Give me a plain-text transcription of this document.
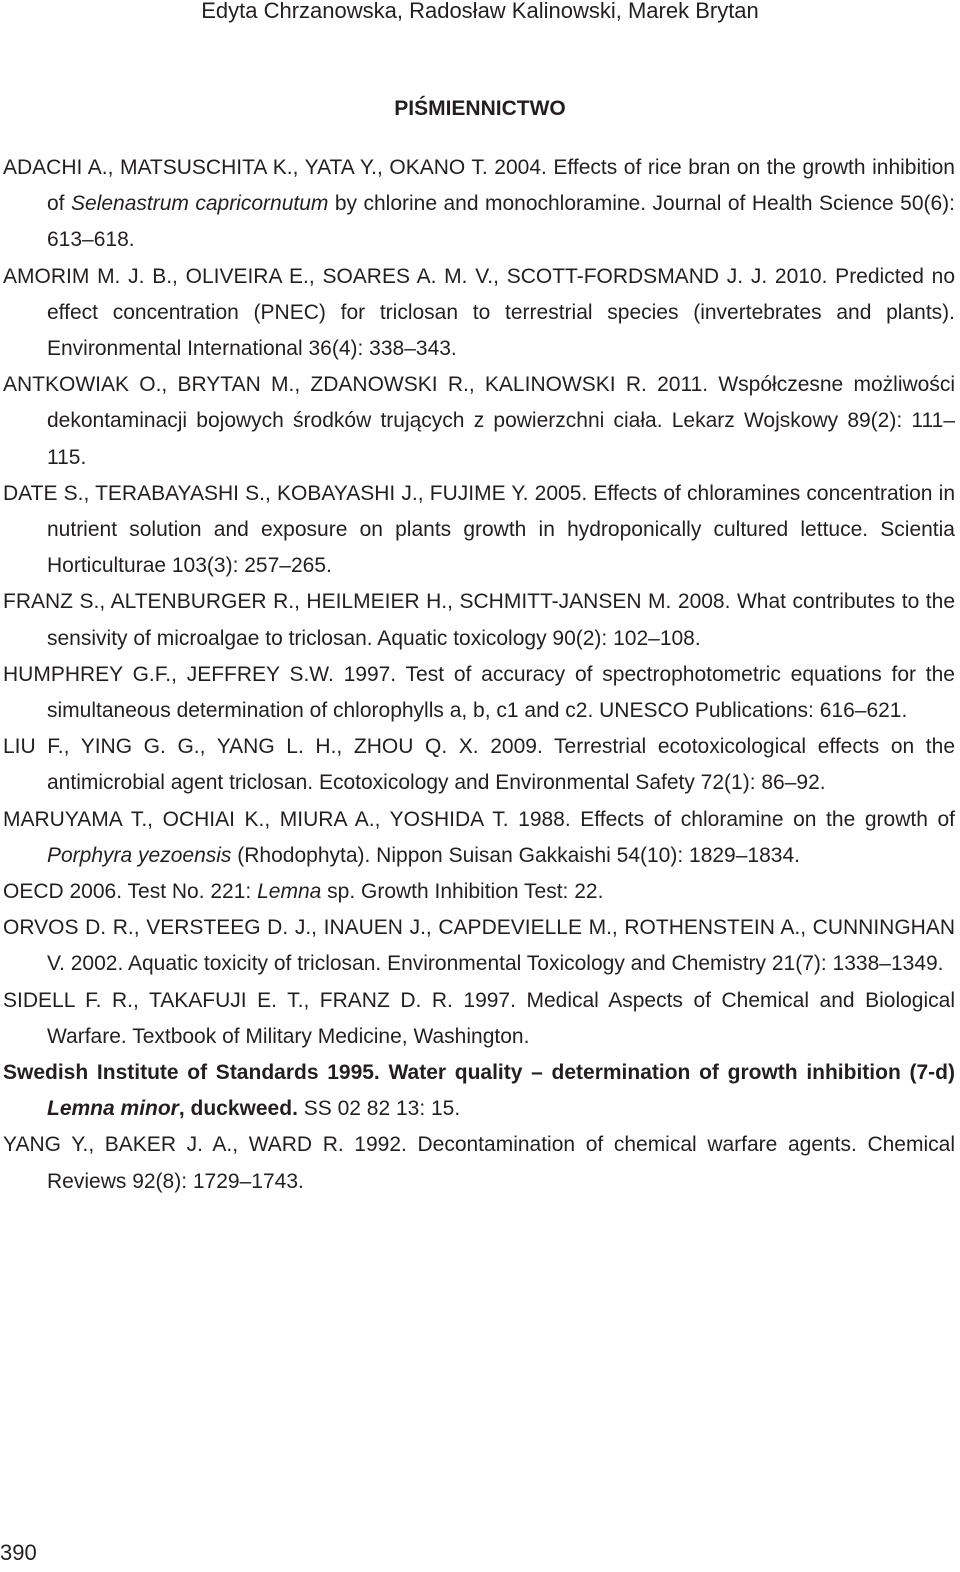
Edyta Chrzanowska, Radosław Kalinowski, Marek Brytan
PIŚMIENNICTWO

ADACHI A., MATSUSCHITA K., YATA Y., OKANO T. 2004. Effects of rice bran on the growth inhibition of Selenastrum capricornutum by chlorine and monochloramine. Journal of Health Science 50(6): 613–618.

AMORIM M. J. B., OLIVEIRA E., SOARES A. M. V., SCOTT-FORDSMAND J. J. 2010. Predicted no effect concentration (PNEC) for triclosan to terrestrial species (invertebrates and plants). Environmental International 36(4): 338–343.

ANTKOWIAK O., BRYTAN M., ZDANOWSKI R., KALINOWSKI R. 2011. Współczesne możliwości dekontaminacji bojowych środków trujących z powierzchni ciała. Lekarz Wojskowy 89(2): 111–115.

DATE S., TERABAYASHI S., KOBAYASHI J., FUJIME Y. 2005. Effects of chloramines concentration in nutrient solution and exposure on plants growth in hydroponically cultured lettuce. Scientia Horticulturae 103(3): 257–265.

FRANZ S., ALTENBURGER R., HEILMEIER H., SCHMITT-JANSEN M. 2008. What contributes to the sensivity of microalgae to triclosan. Aquatic toxicology 90(2): 102–108.

HUMPHREY G.F., JEFFREY S.W. 1997. Test of accuracy of spectrophotometric equations for the simultaneous determination of chlorophylls a, b, c1 and c2. UNESCO Publications: 616–621.

LIU F., YING G. G., YANG L. H., ZHOU Q. X. 2009. Terrestrial ecotoxicological effects on the antimicrobial agent triclosan. Ecotoxicology and Environmental Safety 72(1): 86–92.

MARUYAMA T., OCHIAI K., MIURA A., YOSHIDA T. 1988. Effects of chloramine on the growth of Porphyra yezoensis (Rhodophyta). Nippon Suisan Gakkaishi 54(10): 1829–1834.

OECD 2006. Test No. 221: Lemna sp. Growth Inhibition Test: 22.

ORVOS D. R., VERSTEEG D. J., INAUEN J., CAPDEVIELLE M., ROTHENSTEIN A., CUNNINGHAN V. 2002. Aquatic toxicity of triclosan. Environmental Toxicology and Chemistry 21(7): 1338–1349.

SIDELL F. R., TAKAFUJI E. T., FRANZ D. R. 1997. Medical Aspects of Chemical and Biological Warfare. Textbook of Military Medicine, Washington.

Swedish Institute of Standards 1995. Water quality – determination of growth inhibition (7-d) Lemna minor, duckweed. SS 02 82 13: 15.

YANG Y., BAKER J. A., WARD R. 1992. Decontamination of chemical warfare agents. Chemical Reviews 92(8): 1729–1743.

390
